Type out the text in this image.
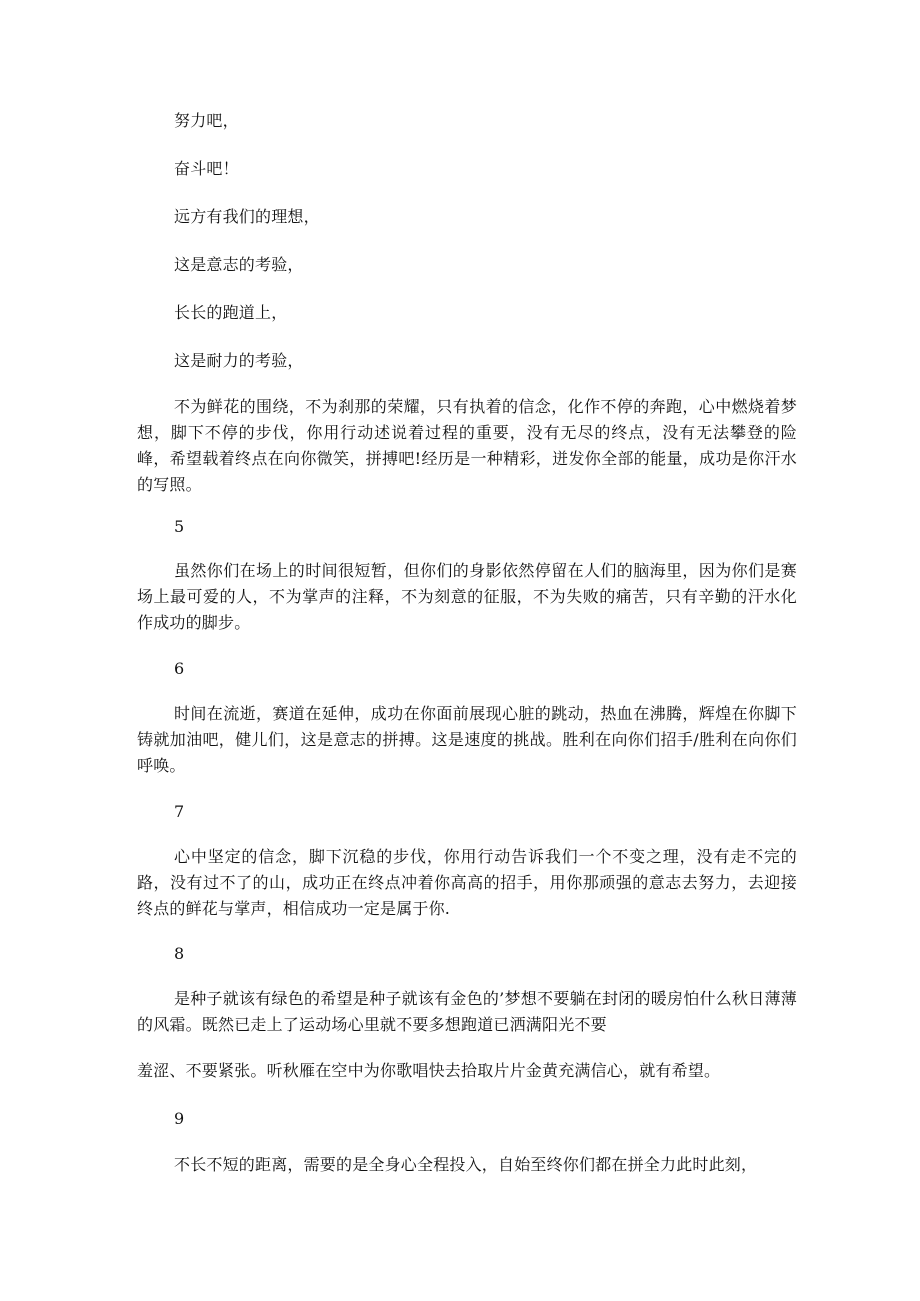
努力吧，
奋斗吧！
远方有我们的理想，
这是意志的考验，
长长的跑道上，
这是耐力的考验，
不为鲜花的围绕，不为刹那的荣耀，只有执着的信念，化作不停的奔跑，心中燃烧着梦想，脚下不停的步伐，你用行动述说着过程的重要，没有无尽的终点，没有无法攀登的险峰，希望载着终点在向你微笑，拼搏吧!经历是一种精彩，迸发你全部的能量，成功是你汗水的写照。
5
虽然你们在场上的时间很短暂，但你们的身影依然停留在人们的脑海里，因为你们是赛场上最可爱的人，不为掌声的注释，不为刻意的征服，不为失败的痛苦，只有辛勤的汗水化作成功的脚步。
6
时间在流逝，赛道在延伸，成功在你面前展现心脏的跳动，热血在沸腾，辉煌在你脚下铸就加油吧，健儿们，这是意志的拼搏。这是速度的挑战。胜利在向你们招手/胜利在向你们呼唤。
7
心中坚定的信念，脚下沉稳的步伐，你用行动告诉我们一个不变之理，没有走不完的路，没有过不了的山，成功正在终点冲着你高高的招手，用你那顽强的意志去努力，去迎接终点的鲜花与掌声，相信成功一定是属于你.
8
是种子就该有绿色的希望是种子就该有金色的’梦想不要躺在封闭的暖房怕什么秋日薄薄的风霜。既然已走上了运动场心里就不要多想跑道已洒满阳光不要
羞涩、不要紧张。听秋雁在空中为你歌唱快去拾取片片金黄充满信心，就有希望。
9
不长不短的距离，需要的是全身心全程投入，自始至终你们都在拼全力此时此刻，
